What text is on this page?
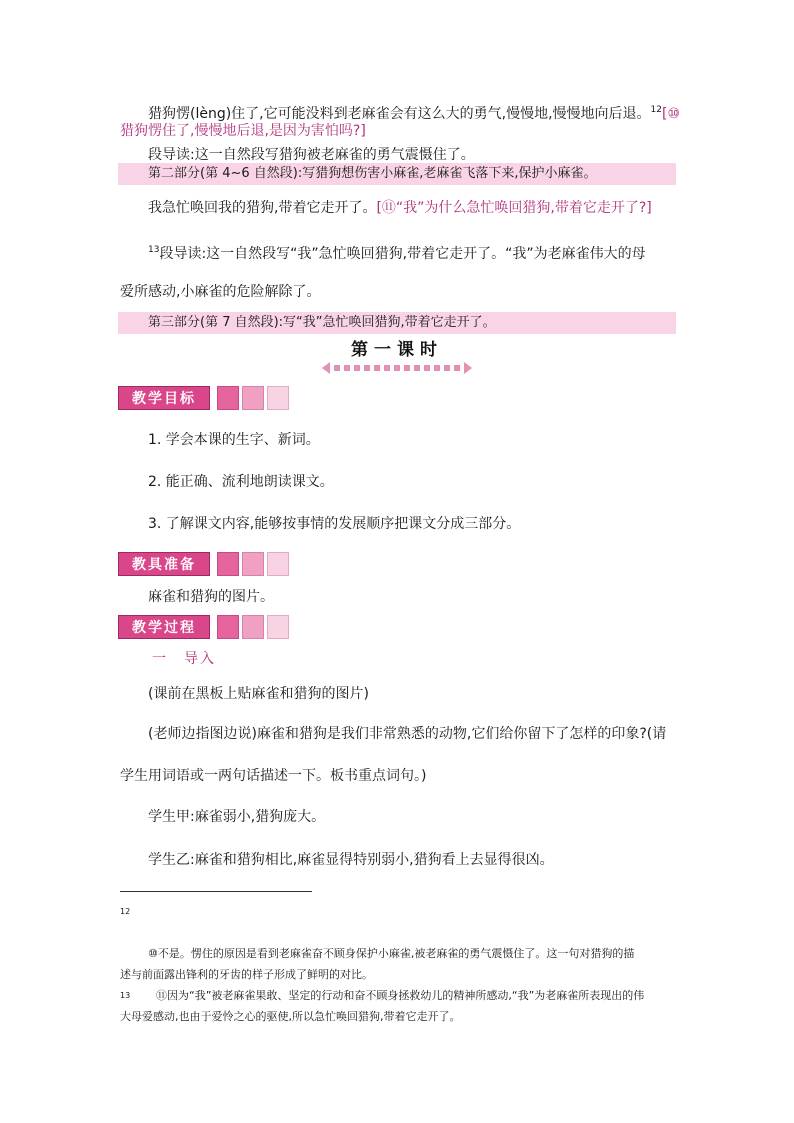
猎狗愣(lèng)住了,它可能没料到老麻雀会有这么大的勇气,慢慢地,慢慢地向后退。$^{12}$[⑩
猎狗愣住了,慢慢地后退,是因为害怕吗?]
段导读:这一自然段写猎狗被老麻雀的勇气震慑住了。
第二部分(第 4~6 自然段):写猎狗想伤害小麻雀,老麻雀飞落下来,保护小麻雀。
我急忙唤回我的猎狗,带着它走开了。[⑪“我”为什么急忙唤回猎狗,带着它走开了?]
$^{13}$段导读:这一自然段写“我”急忙唤回猎狗,带着它走开了。“我”为老麻雀伟大的母
爱所感动,小麻雀的危险解除了。
第三部分(第 7 自然段):写“我”急忙唤回猎狗,带着它走开了。
第一课时
教学目标
1. 学会本课的生字、新词。
2. 能正确、流利地朗读课文。
3. 了解课文内容,能够按事情的发展顺序把课文分成三部分。
教具准备
麻雀和猎狗的图片。
教学过程
一　导入
(课前在黑板上贴麻雀和猎狗的图片)
(老师边指图边说)麻雀和猎狗是我们非常熟悉的动物,它们给你留下了怎样的印象?(请
学生用词语或一两句话描述一下。板书重点词句。)
学生甲:麻雀弱小,猎狗庞大。
学生乙:麻雀和猎狗相比,麻雀显得特别弱小,猎狗看上去显得很凶。
12
⑩不是。愣住的原因是看到老麻雀奋不顾身保护小麻雀,被老麻雀的勇气震慑住了。这一句对猎狗的描
述与前面露出锋利的牙齿的样子形成了鲜明的对比。
13 ⑪因为“我”被老麻雀果敢、坚定的行动和奋不顾身拯救幼儿的精神所感动,“我”为老麻雀所表现出的伟
大母爱感动,也由于爱怜之心的驱使,所以急忙唤回猎狗,带着它走开了。
